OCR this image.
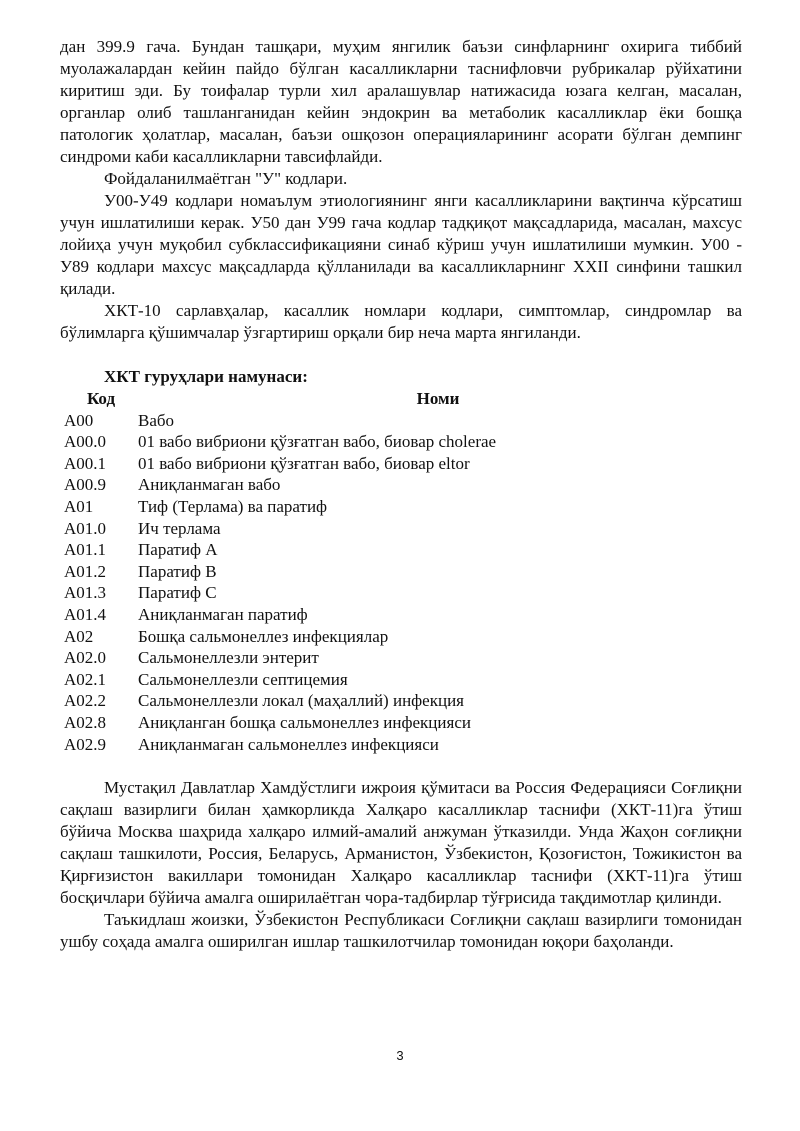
дан 399.9 гача. Бундан ташқари, муҳим янгилик баъзи синфларнинг охирига тиббий муолажалардан кейин пайдо бўлган касалликларни таснифловчи рубрикалар рўйхатини киритиш эди. Бу тоифалар турли хил аралашувлар натижасида юзага келган, масалан, органлар олиб ташланганидан кейин эндокрин ва метаболик касалликлар ёки бошқа патологик ҳолатлар, масалан, баъзи ошқозон операцияларининг асорати бўлган демпинг синдроми каби касалликларни тавсифлайди.

Фойдаланилмаётган "У" кодлари.

У00-У49 кодлари номаълум этиологиянинг янги касалликларини вақтинча кўрсатиш учун ишлатилиши керак. У50 дан У99 гача кодлар тадқиқот мақсадларида, масалан, махсус лойиҳа учун муқобил субклассификацияни синаб кўриш учун ишлатилиши мумкин. У00 - У89 кодлари махсус мақсадларда қўлланилади ва касалликларнинг XXII синфини ташкил қилади.

ХКТ-10 сарлавҳалар, касаллик номлари кодлари, симптомлар, синдромлар ва бўлимларга қўшимчалар ўзгартириш орқали бир неча марта янгиланди.

ХКТ гуруҳлари намунаси:
Код	Номи
A00	Вабо
A00.0	01 вабо вибриони қўзғатган вабо, биовар cholerae
A00.1	01 вабо вибриони қўзғатган вабо, биовар eltor
A00.9	Аниқланмаган вабо
A01	Тиф (Терлама) ва паратиф
A01.0	Ич терлама
A01.1	Паратиф А
A01.2	Паратиф В
A01.3	Паратиф С
A01.4	Аниқланмаган паратиф
A02	Бошқа сальмонеллез инфекциялар
A02.0	Сальмонеллезли энтерит
A02.1	Сальмонеллезли септицемия
A02.2	Сальмонеллезли локал (маҳаллий) инфекция
A02.8	Аниқланган бошқа сальмонеллез инфекцияси
A02.9	Аниқланмаган сальмонеллез инфекцияси

Мустақил Давлатлар Хамдўстлиги ижроия қўмитаси ва Россия Федерацияси Соғлиқни сақлаш вазирлиги билан ҳамкорликда Халқаро касалликлар таснифи (ХКТ-11)га ўтиш бўйича Москва шаҳрида халқаро илмий-амалий анжуман ўтказилди. Унда Жаҳон соғлиқни сақлаш ташкилоти, Россия, Беларусь, Арманистон, Ўзбекистон, Қозоғистон, Тожикистон ва Қирғизистон вакиллари томонидан Халқаро касалликлар таснифи (ХКТ-11)га ўтиш босқичлари бўйича амалга оширилаётган чора-тадбирлар тўғрисида тақдимотлар қилинди.

Таъкидлаш жоизки, Ўзбекистон Республикаси Соғлиқни сақлаш вазирлиги томонидан ушбу соҳада амалга оширилган ишлар ташкилотчилар томонидан юқори баҳоланди.

3
